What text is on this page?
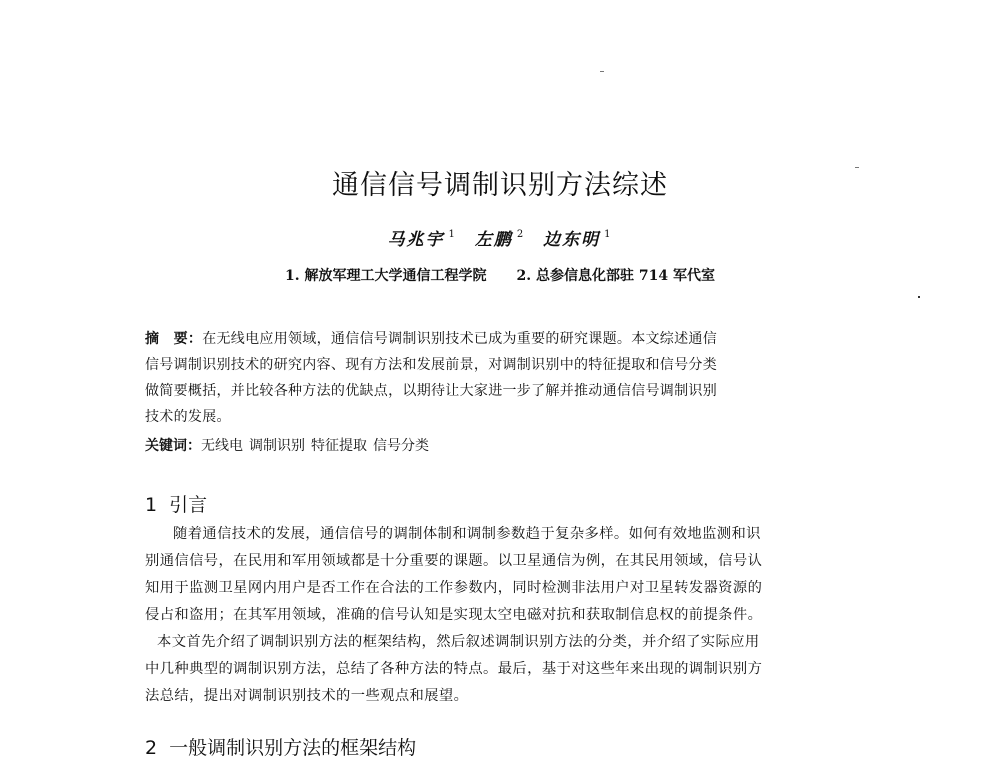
通信信号调制识别方法综述
马兆宇 $^1$ 左鹏 $^2$ 边东明 $^1$
1. 解放军理工大学通信工程学院 2. 总参信息化部驻 714 军代室
摘　要：在无线电应用领域，通信信号调制识别技术已成为重要的研究课题。本文综述通信
信号调制识别技术的研究内容、现有方法和发展前景，对调制识别中的特征提取和信号分类
做简要概括，并比较各种方法的优缺点，以期待让大家进一步了解并推动通信信号调制识别
技术的发展。
关键词：无线电 调制识别 特征提取 信号分类
1 引言
随着通信技术的发展，通信信号的调制体制和调制参数趋于复杂多样。如何有效地监测和识
别通信信号，在民用和军用领域都是十分重要的课题。以卫星通信为例，在其民用领域，信号认
知用于监测卫星网内用户是否工作在合法的工作参数内，同时检测非法用户对卫星转发器资源的
侵占和盗用；在其军用领域，准确的信号认知是实现太空电磁对抗和获取制信息权的前提条件。
本文首先介绍了调制识别方法的框架结构，然后叙述调制识别方法的分类，并介绍了实际应用
中几种典型的调制识别方法，总结了各种方法的特点。最后，基于对这些年来出现的调制识别方
法总结，提出对调制识别技术的一些观点和展望。
2 一般调制识别方法的框架结构
